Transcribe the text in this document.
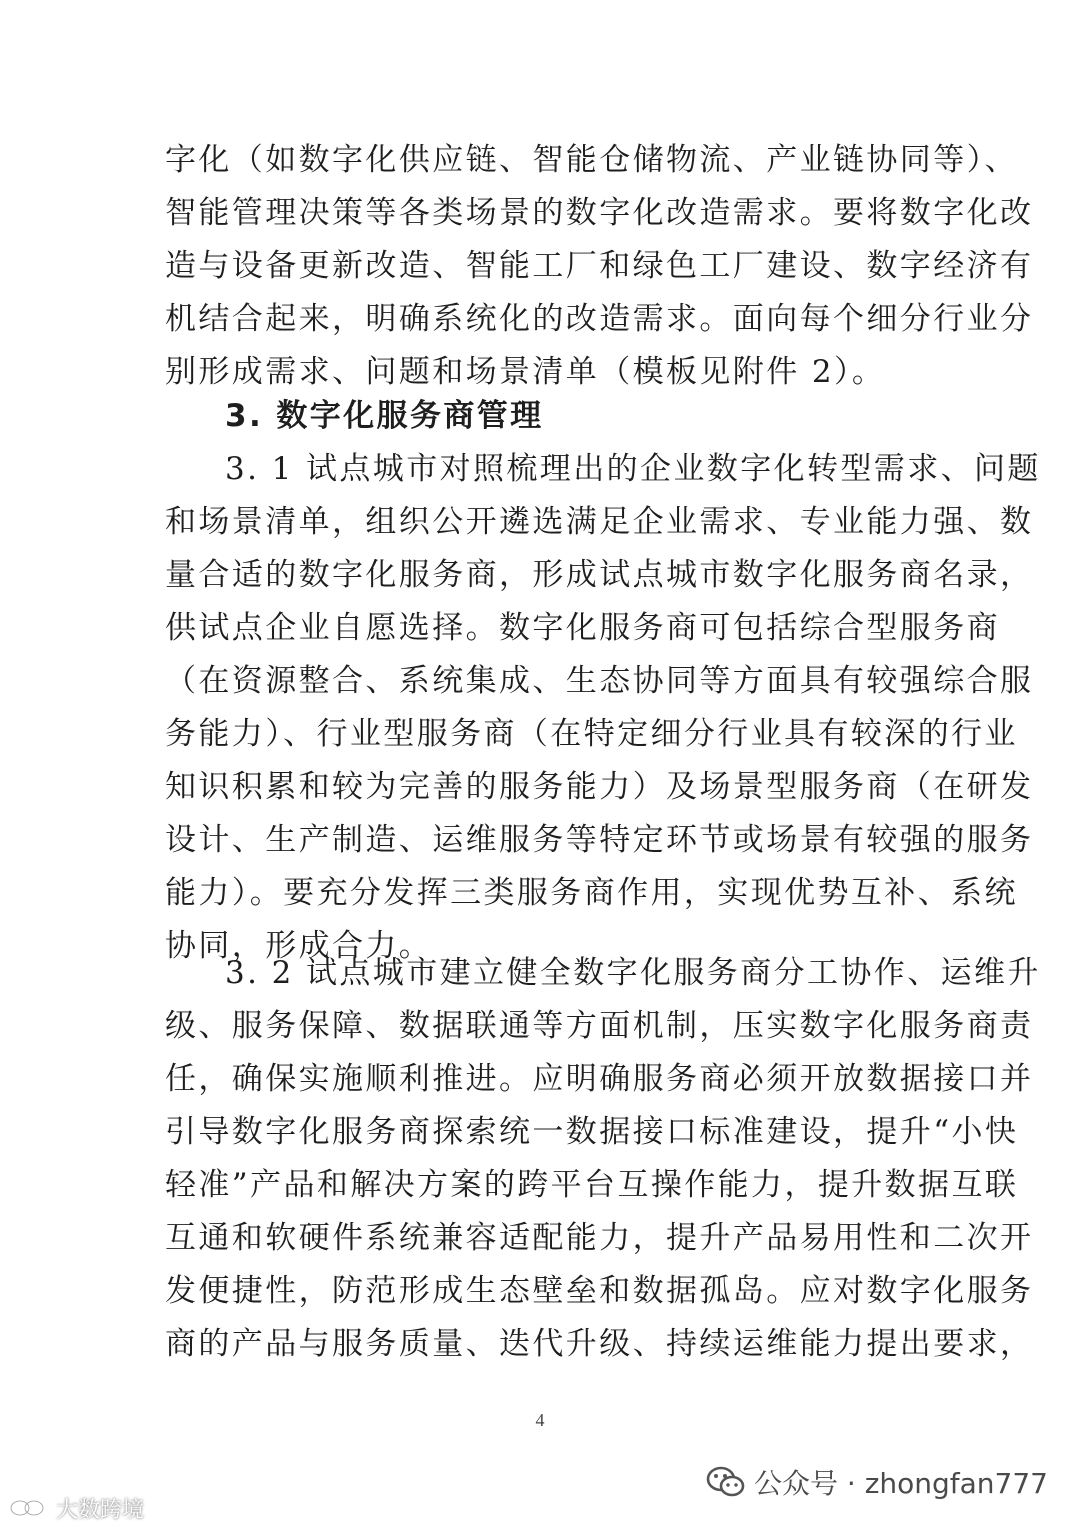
字化（如数字化供应链、智能仓储物流、产业链协同等）、
智能管理决策等各类场景的数字化改造需求。要将数字化改
造与设备更新改造、智能工厂和绿色工厂建设、数字经济有
机结合起来，明确系统化的改造需求。面向每个细分行业分
别形成需求、问题和场景清单（模板见附件 2）。
3. 数字化服务商管理
3. 1 试点城市对照梳理出的企业数字化转型需求、问题
和场景清单，组织公开遴选满足企业需求、专业能力强、数
量合适的数字化服务商，形成试点城市数字化服务商名录，
供试点企业自愿选择。数字化服务商可包括综合型服务商
（在资源整合、系统集成、生态协同等方面具有较强综合服
务能力）、行业型服务商（在特定细分行业具有较深的行业
知识积累和较为完善的服务能力）及场景型服务商（在研发
设计、生产制造、运维服务等特定环节或场景有较强的服务
能力）。要充分发挥三类服务商作用，实现优势互补、系统
协同，形成合力。
3. 2 试点城市建立健全数字化服务商分工协作、运维升
级、服务保障、数据联通等方面机制，压实数字化服务商责
任，确保实施顺利推进。应明确服务商必须开放数据接口并
引导数字化服务商探索统一数据接口标准建设，提升“小快
轻准”产品和解决方案的跨平台互操作能力，提升数据互联
互通和软硬件系统兼容适配能力，提升产品易用性和二次开
发便捷性，防范形成生态壁垒和数据孤岛。应对数字化服务
商的产品与服务质量、迭代升级、持续运维能力提出要求，
4
公众号 · zhongfan777
大数跨境
